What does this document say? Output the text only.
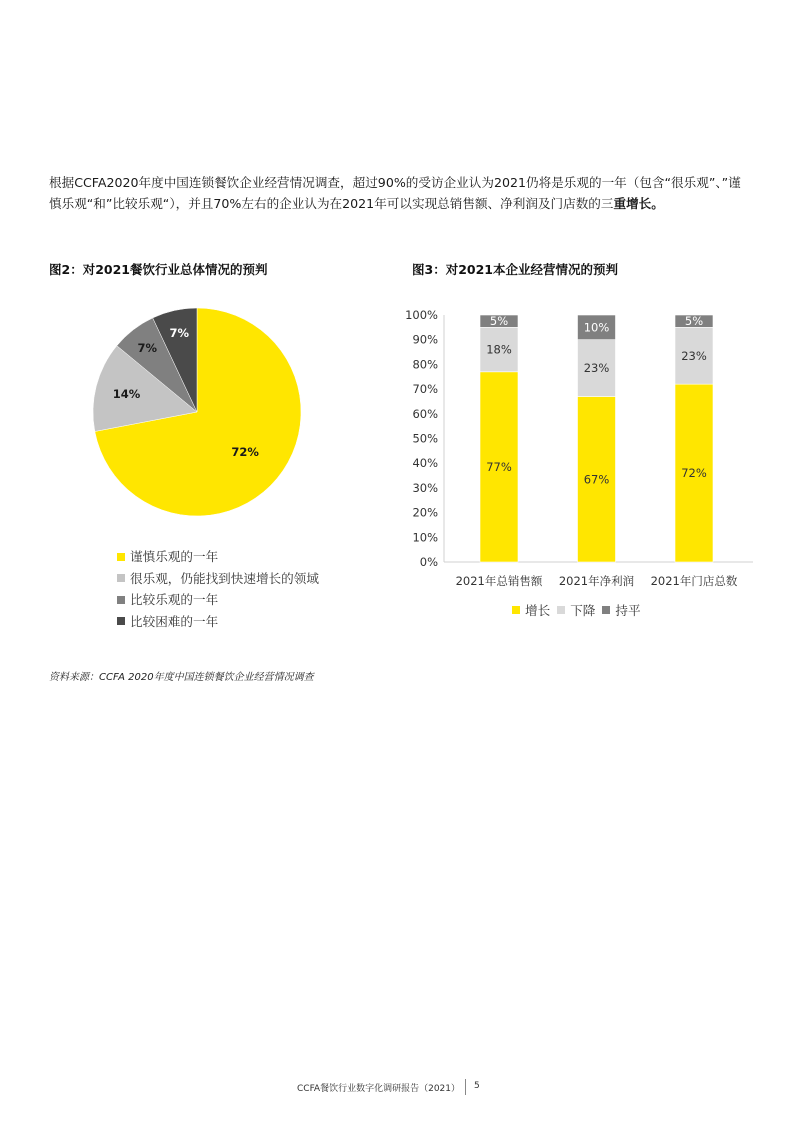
根据CCFA2020年度中国连锁餐饮企业经营情况调查，超过90%的受访企业认为2021仍将是乐观的一年（包含“很乐观”、”谨慎乐观“和”比较乐观“），并且70%左右的企业认为在2021年可以实现总销售额、净利润及门店数的三重增长。

图2：对2021餐饮行业总体情况的预判	图3：对2021本企业经营情况的预判
72%
14%
7%
7%
谨慎乐观的一年
很乐观，仍能找到快速增长的领域
比较乐观的一年
比较困难的一年
0%
10%
20%
30%
40%
50%
60%
70%
80%
90%
100%
77%
18%
5%
2021年总销售额
67%
23%
10%
2021年净利润
72%
23%
5%
2021年门店总数
增长 下降 持平
资料来源：CCFA 2020年度中国连锁餐饮企业经营情况调查
CCFA餐饮行业数字化调研报告（2021） 5
